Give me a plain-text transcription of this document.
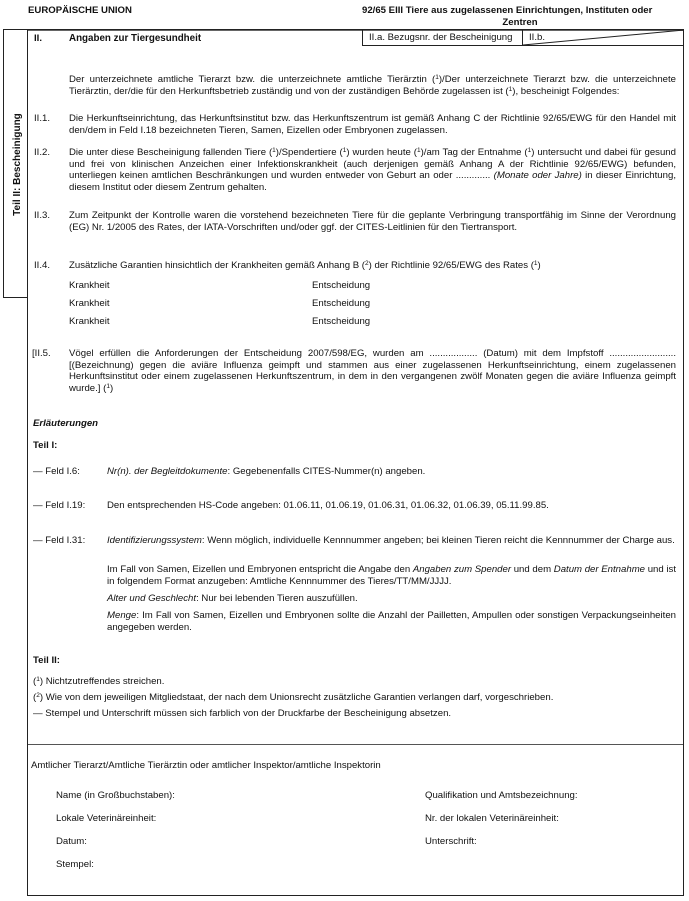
EUROPÄISCHE UNION	92/65 EIII Tiere aus zugelassenen Einrichtungen, Instituten oder
Zentren
Teil II: Bescheinigung
II.	Angaben zur Tiergesundheit	II.a. Bezugsnr. der Bescheinigung	II.b.
Der unterzeichnete amtliche Tierarzt bzw. die unterzeichnete amtliche Tierärztin ($^1$)/Der unterzeichnete Tierarzt bzw. die unterzeichnete Tierärztin, der/die für den Herkunftsbetrieb zuständig und von der zuständigen Behörde zugelassen ist ($^1$), bescheinigt Folgendes:
II.1. Die Herkunftseinrichtung, das Herkunftsinstitut bzw. das Herkunftszentrum ist gemäß Anhang C der Richtlinie 92/65/EWG für den Handel mit den/dem in Feld I.18 bezeichneten Tieren, Samen, Eizellen oder Embryonen zugelassen.
II.2. Die unter diese Bescheinigung fallenden Tiere ($^1$)/Spendertiere ($^1$) wurden heute ($^1$)/am Tag der Entnahme ($^1$) untersucht und dabei für gesund und frei von klinischen Anzeichen einer Infektionskrankheit (auch derjenigen gemäß Anhang A der Richtlinie 92/65/EWG) befunden, unterliegen keinen amtlichen Beschränkungen und wurden entweder von Geburt an oder ............. (Monate oder Jahre) in dieser Einrichtung, diesem Institut oder diesem Zentrum gehalten.
II.3. Zum Zeitpunkt der Kontrolle waren die vorstehend bezeichneten Tiere für die geplante Verbringung transportfähig im Sinne der Verordnung (EG) Nr. 1/2005 des Rates, der IATA-Vorschriften und/oder ggf. der CITES-Leitlinien für den Tiertransport.
II.4. Zusätzliche Garantien hinsichtlich der Krankheiten gemäß Anhang B ($^2$) der Richtlinie 92/65/EWG des Rates ($^1$)
Krankheit	Entscheidung
Krankheit	Entscheidung
Krankheit	Entscheidung
[II.5. Vögel erfüllen die Anforderungen der Entscheidung 2007/598/EG, wurden am .................. (Datum) mit dem Impfstoff ......................... [(Bezeichnung) gegen die aviäre Influenza geimpft und stammen aus einer zugelassenen Herkunftseinrichtung, einem zugelassenen Herkunftsinstitut oder einem zugelassenen Herkunftszentrum, in dem in den vergangenen zwölf Monaten gegen die aviäre Influenza geimpft wurde.] ($^1$)
Erläuterungen
Teil I:
— Feld I.6:	Nr(n). der Begleitdokumente: Gegebenenfalls CITES-Nummer(n) angeben.
— Feld I.19: Den entsprechenden HS-Code angeben: 01.06.11, 01.06.19, 01.06.31, 01.06.32, 01.06.39, 05.11.99.85.
— Feld I.31: Identifizierungssystem: Wenn möglich, individuelle Kennnummer angeben; bei kleinen Tieren reicht die Kennnummer der Charge aus.
Im Fall von Samen, Eizellen und Embryonen entspricht die Angabe den Angaben zum Spender und dem Datum der Entnahme und ist in folgendem Format anzugeben: Amtliche Kennnummer des Tieres/TT/MM/JJJJ.
Alter und Geschlecht: Nur bei lebenden Tieren auszufüllen.
Menge: Im Fall von Samen, Eizellen und Embryonen sollte die Anzahl der Pailletten, Ampullen oder sonstigen Verpackungseinheiten angegeben werden.
Teil II:
($^1$) Nichtzutreffendes streichen.
($^2$) Wie von dem jeweiligen Mitgliedstaat, der nach dem Unionsrecht zusätzliche Garantien verlangen darf, vorgeschrieben.
— Stempel und Unterschrift müssen sich farblich von der Druckfarbe der Bescheinigung absetzen.
Amtlicher Tierarzt/Amtliche Tierärztin oder amtlicher Inspektor/amtliche Inspektorin
Name (in Großbuchstaben):	Qualifikation und Amtsbezeichnung:
Lokale Veterinäreinheit:	Nr. der lokalen Veterinäreinheit:
Datum:	Unterschrift:
Stempel:
